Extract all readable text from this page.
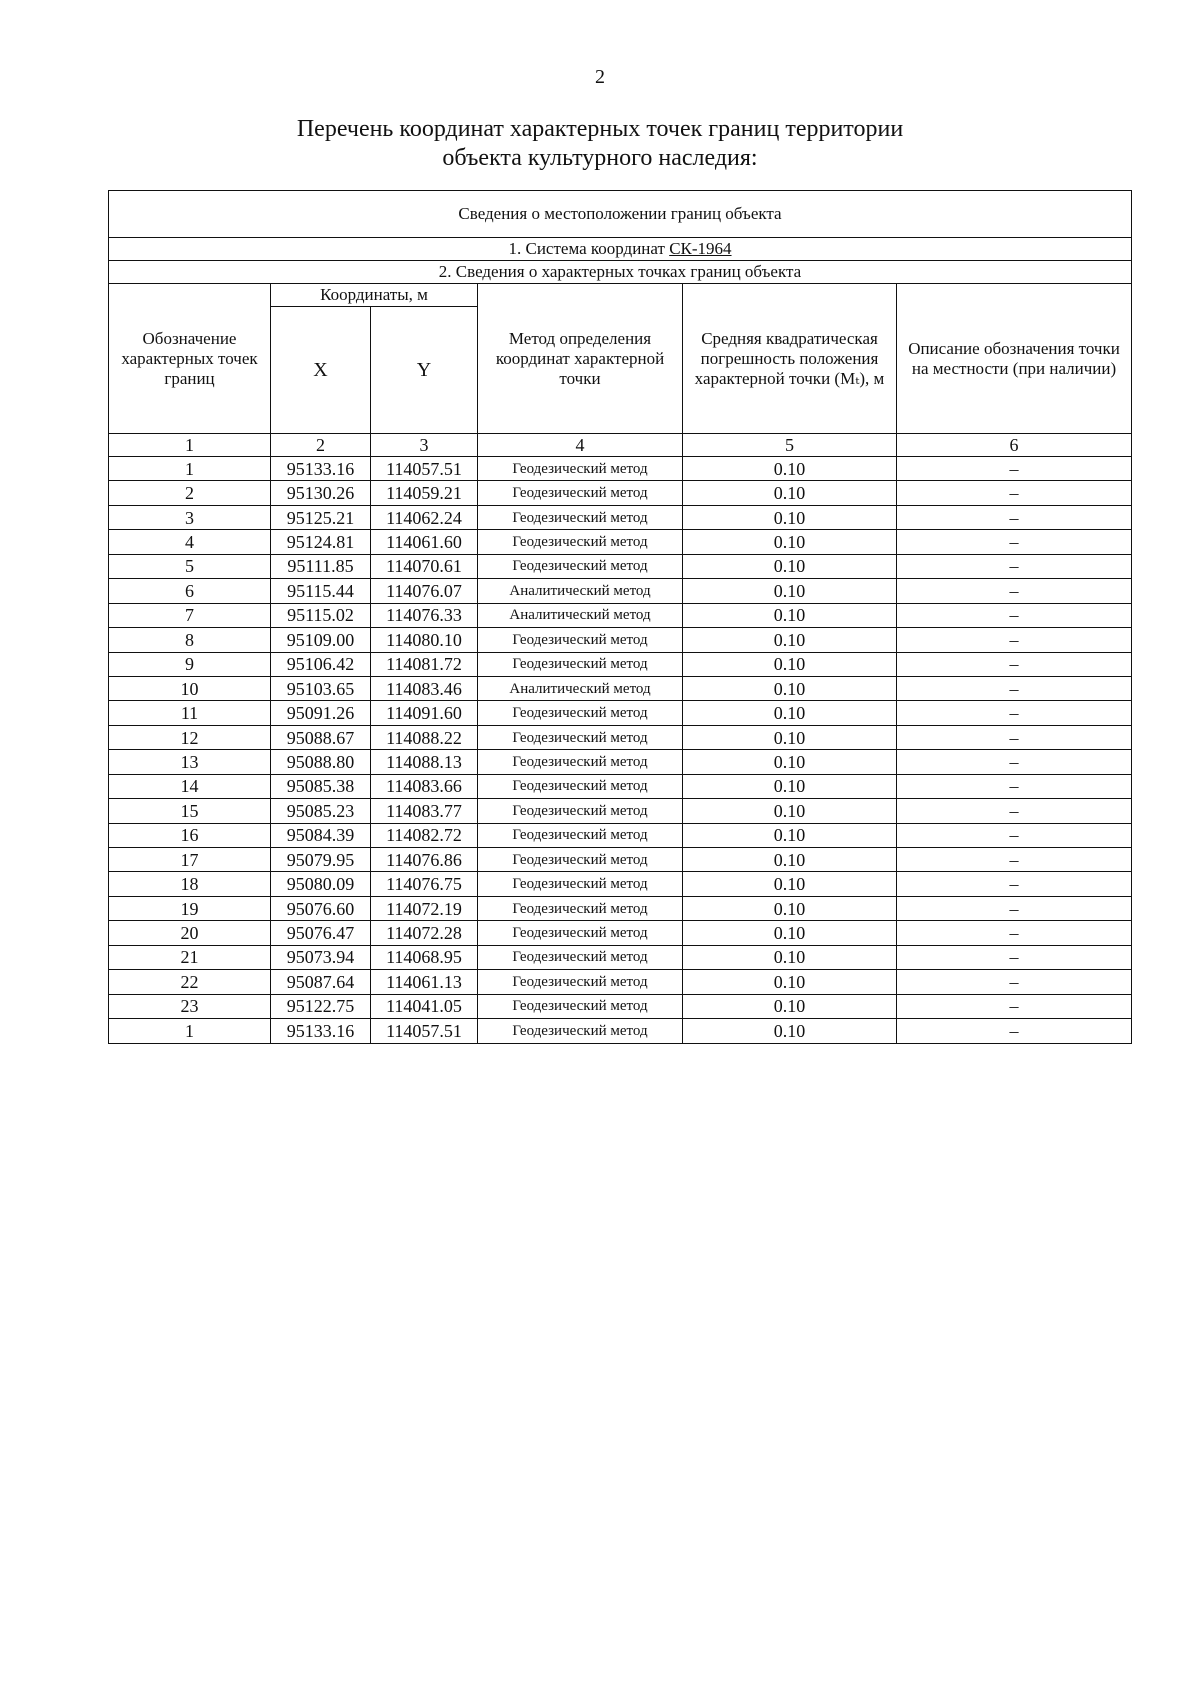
2
Перечень координат характерных точек границ территории
объекта культурного наследия:
Сведения о местоположении границ объекта					
1. Система координат СК-1964					
2. Сведения о характерных точках границ объекта					
Обозначение характерных точек границ	Координаты, м		Метод определения координат характерной точки	Средняя квадратическая погрешность положения характерной точки (Mₜ), м	Описание обозначения точки на местности (при наличии)
	X	Y			
1	2	3	4	5	6
1	95133.16	114057.51	Геодезический метод	0.10	–
2	95130.26	114059.21	Геодезический метод	0.10	–
3	95125.21	114062.24	Геодезический метод	0.10	–
4	95124.81	114061.60	Геодезический метод	0.10	–
5	95111.85	114070.61	Геодезический метод	0.10	–
6	95115.44	114076.07	Аналитический метод	0.10	–
7	95115.02	114076.33	Аналитический метод	0.10	–
8	95109.00	114080.10	Геодезический метод	0.10	–
9	95106.42	114081.72	Геодезический метод	0.10	–
10	95103.65	114083.46	Аналитический метод	0.10	–
11	95091.26	114091.60	Геодезический метод	0.10	–
12	95088.67	114088.22	Геодезический метод	0.10	–
13	95088.80	114088.13	Геодезический метод	0.10	–
14	95085.38	114083.66	Геодезический метод	0.10	–
15	95085.23	114083.77	Геодезический метод	0.10	–
16	95084.39	114082.72	Геодезический метод	0.10	–
17	95079.95	114076.86	Геодезический метод	0.10	–
18	95080.09	114076.75	Геодезический метод	0.10	–
19	95076.60	114072.19	Геодезический метод	0.10	–
20	95076.47	114072.28	Геодезический метод	0.10	–
21	95073.94	114068.95	Геодезический метод	0.10	–
22	95087.64	114061.13	Геодезический метод	0.10	–
23	95122.75	114041.05	Геодезический метод	0.10	–
1	95133.16	114057.51	Геодезический метод	0.10	–
